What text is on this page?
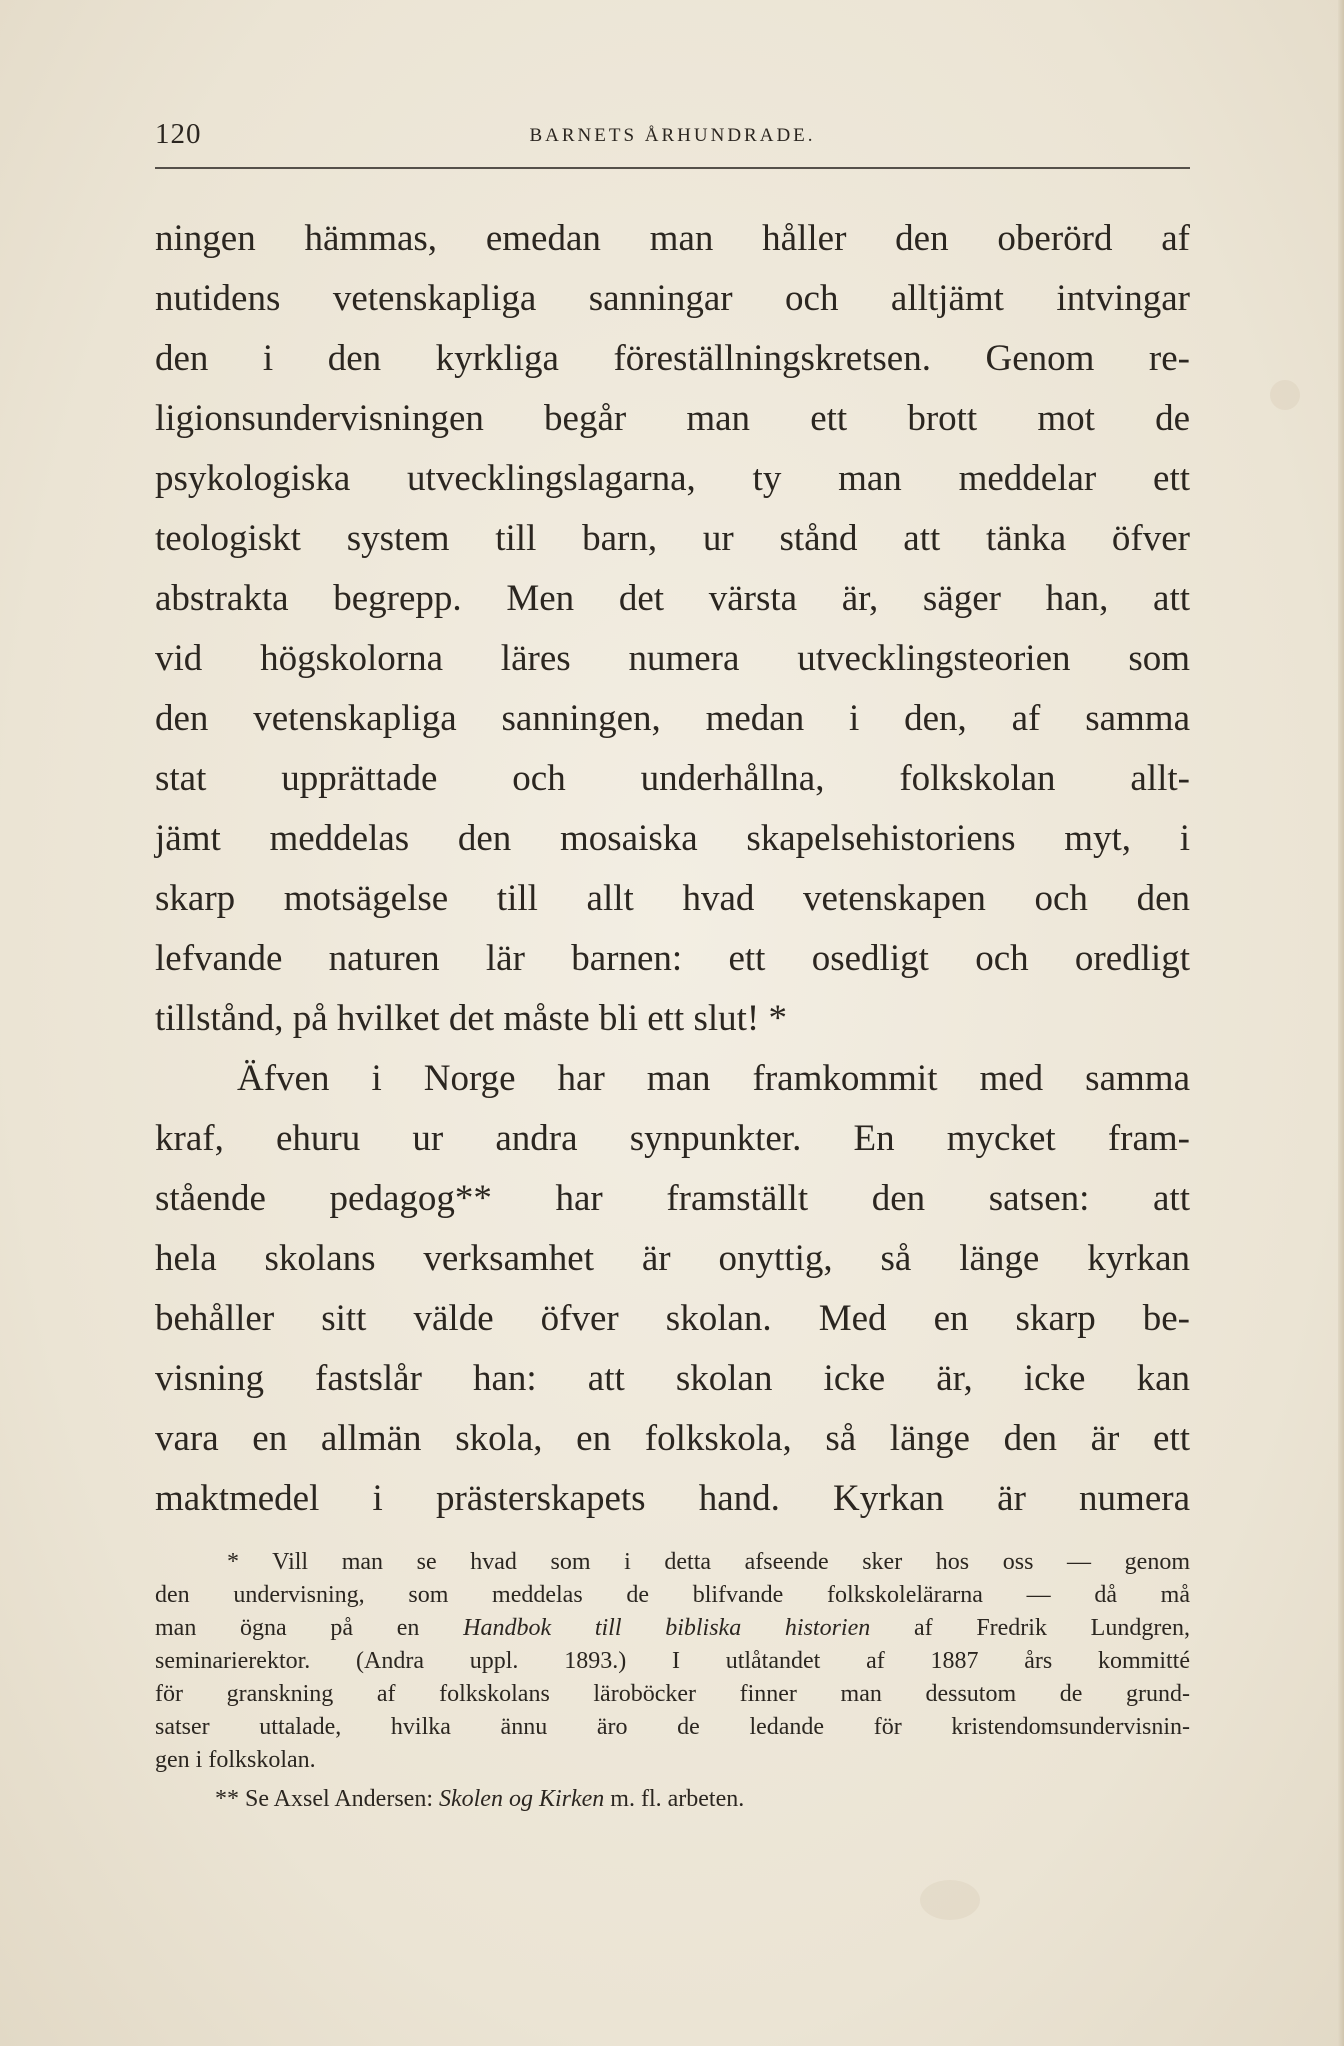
120	BARNETS ÅRHUNDRADE.
ningen hämmas, emedan man håller den oberörd af
nutidens vetenskapliga sanningar och alltjämt intvingar
den i den kyrkliga föreställningskretsen. Genom re-
ligionsundervisningen begår man ett brott mot de
psykologiska utvecklingslagarna, ty man meddelar ett
teologiskt system till barn, ur stånd att tänka öfver
abstrakta begrepp. Men det värsta är, säger han, att
vid högskolorna läres numera utvecklingsteorien som
den vetenskapliga sanningen, medan i den, af samma
stat upprättade och underhållna, folkskolan allt-
jämt meddelas den mosaiska skapelsehistoriens myt, i
skarp motsägelse till allt hvad vetenskapen och den
lefvande naturen lär barnen: ett osedligt och oredligt
tillstånd, på hvilket det måste bli ett slut! *
Äfven i Norge har man framkommit med samma
kraf, ehuru ur andra synpunkter. En mycket fram-
stående pedagog** har framställt den satsen: att
hela skolans verksamhet är onyttig, så länge kyrkan
behåller sitt välde öfver skolan. Med en skarp be-
visning fastslår han: att skolan icke är, icke kan
vara en allmän skola, en folkskola, så länge den är ett
maktmedel i prästerskapets hand. Kyrkan är numera
* Vill man se hvad som i detta afseende sker hos oss — genom
den undervisning, som meddelas de blifvande folkskolelärarna — då må
man ögna på en Handbok till bibliska historien af Fredrik Lundgren,
seminarierektor. (Andra uppl. 1893.) I utlåtandet af 1887 års kommitté
för granskning af folkskolans läroböcker finner man dessutom de grund-
satser uttalade, hvilka ännu äro de ledande för kristendomsundervisnin-
gen i folkskolan.
** Se Axsel Andersen: Skolen og Kirken m. fl. arbeten.
